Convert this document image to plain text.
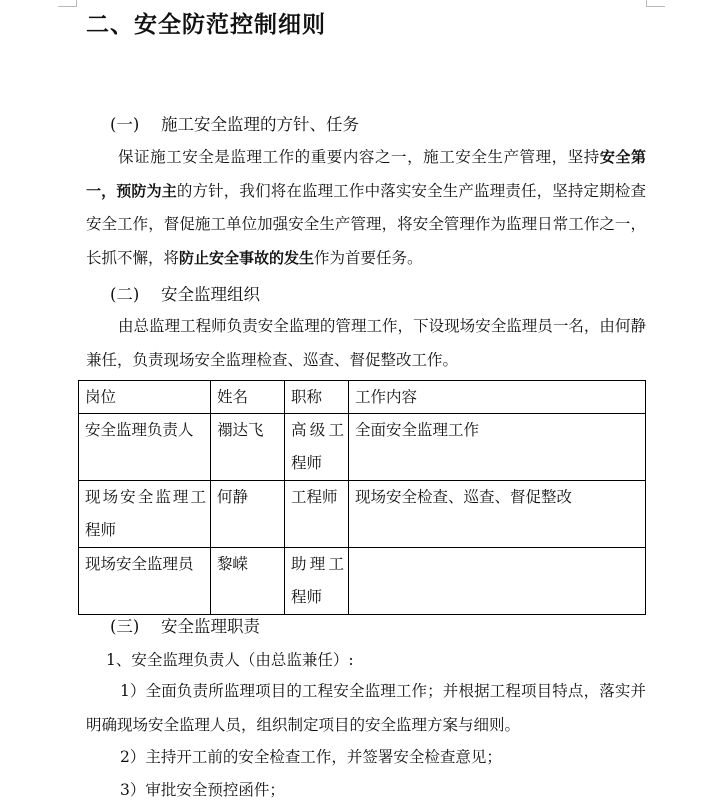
二、安全防范控制细则
(一) 施工安全监理的方针、任务
保证施工安全是监理工作的重要内容之一，施工安全生产管理，坚持安全第一，预防为主的方针，我们将在监理工作中落实安全生产监理责任，坚持定期检查安全工作，督促施工单位加强安全生产管理，将安全管理作为监理日常工作之一，长抓不懈，将防止安全事故的发生作为首要任务。
(二) 安全监理组织
由总监理工程师负责安全监理的管理工作，下设现场安全监理员一名，由何静兼任，负责现场安全监理检查、巡查、督促整改工作。
岗位	姓名	职称	工作内容
安全监理负责人	禤达飞	高级工程师	全面安全监理工作
现场安全监理工程师	何静	工程师	现场安全检查、巡查、督促整改
现场安全监理员	黎嵘	助理工程师	
(三) 安全监理职责
1、安全监理负责人（由总监兼任）:
1）全面负责所监理项目的工程安全监理工作；并根据工程项目特点，落实并明确现场安全监理人员，组织制定项目的安全监理方案与细则。
2）主持开工前的安全检查工作，并签署安全检查意见；
3）审批安全预控函件；
